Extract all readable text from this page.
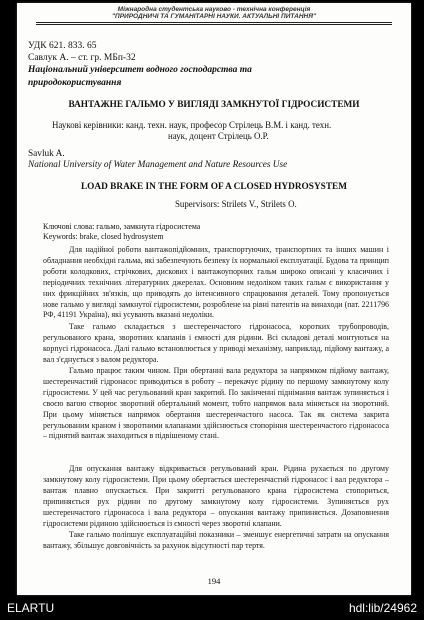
Міжнародна студентська науково - технічна конференція
"ПРИРОДНИЧІ ТА ГУМАНІТАРНІ НАУКИ. АКТУАЛЬНІ ПИТАННЯ"
УДК 621. 833. 65
Савлук А. – ст. гр. МБп-32
Національний університет водного господарства та
природокористування
ВАНТАЖНЕ ГАЛЬМО У ВИГЛЯДІ ЗАМКНУТОЇ ГІДРОСИСТЕМИ
Наукові керівники: канд. техн. наук, професор Стрілець В.М. і канд. техн.
наук, доцент Стрілець О.Р.
Savluk A.
National University of Water Management and Nature Resources Use
LOAD BRAKE IN THE FORM OF A CLOSED HYDROSYSTEM
Supervisors: Strilets V., Strilets O.
Ключові слова: гальмо, замкнута гідросистема
Keywords: brake, closed hydrosystem
Для надійної роботи вантажопідйомних, транспортуючих, транспортних та інших машин і обладнання необхідні гальма, які забезпечують безпеку їх нормальної експлуатації. Будова та принцип роботи колодкових, стрічкових, дискових і вантажоупорних гальм широко описані у класичних і періодичних технічних літературних джерелах. Основним недоліком таких гальм є використання у них фрикційних зв'язків, що приводять до інтенсивного спрацювання деталей. Тому пропонується нове гальмо у вигляді замкнутої гідросистеми, розроблене на рівні патентів на винаходи (пат. 2211796 РФ, 41191 Україна), які усувають вказані недоліки.
Таке гальмо складається з шестеренчастого гідронасоса, коротких трубопроводів, регульованого крана, зворотних клапанів і ємності для рідини. Всі складові деталі монтуються на корпусі гідронасоса. Далі гальмо встановлюється у приводі механізму, наприклад, підйому вантажу, а вал з'єднується з валом редуктора.
Гальмо працює таким чином. При обертанні вала редуктора за напрямком підйому вантажу, шестеренчастий гідронасос приводиться в роботу – перекачує рідину по першому замкнутому колу гідросистеми. У цей час регульований кран закритий. По закінченні піднімання вантаж зупиняється і своєю вагою створює зворотний обертальний момент, тобто напрямок вала міняється на зворотний. При цьому міняється напрямок обертання шестеренчастого насоса. Так як система закрита регульованим краном і зворотними клапанами здійснюється стопоріння шестеренчастого гідронасоса – піднятий вантаж знаходиться в підвішеному стані.
Для опускання вантажу відкривається регульований кран. Рідина рухається по другому замкнутому колу гідросистеми. При цьому обертається шестеренчастий гідронасос і вал редуктора – вантаж плавно опускається. При закритті регульованого крана гідросистема стопориться, припиняється рух рідини по другому замкнутому колу гідросистеми. Зупиняється рух шестеренчастого гідронасоса і вала редуктора – опускання вантажу припиняється. Дозаповнення гідросистеми рідиною здійснюється із ємності через зворотні клапани.
Таке гальмо поліпшує експлуатаційні показники – зменшує енергетичні затрати на опускання вантажу, збільшує довговічність за рахунок відсутності пар тертя.
194
ELARTU	hdl:lib/24962
